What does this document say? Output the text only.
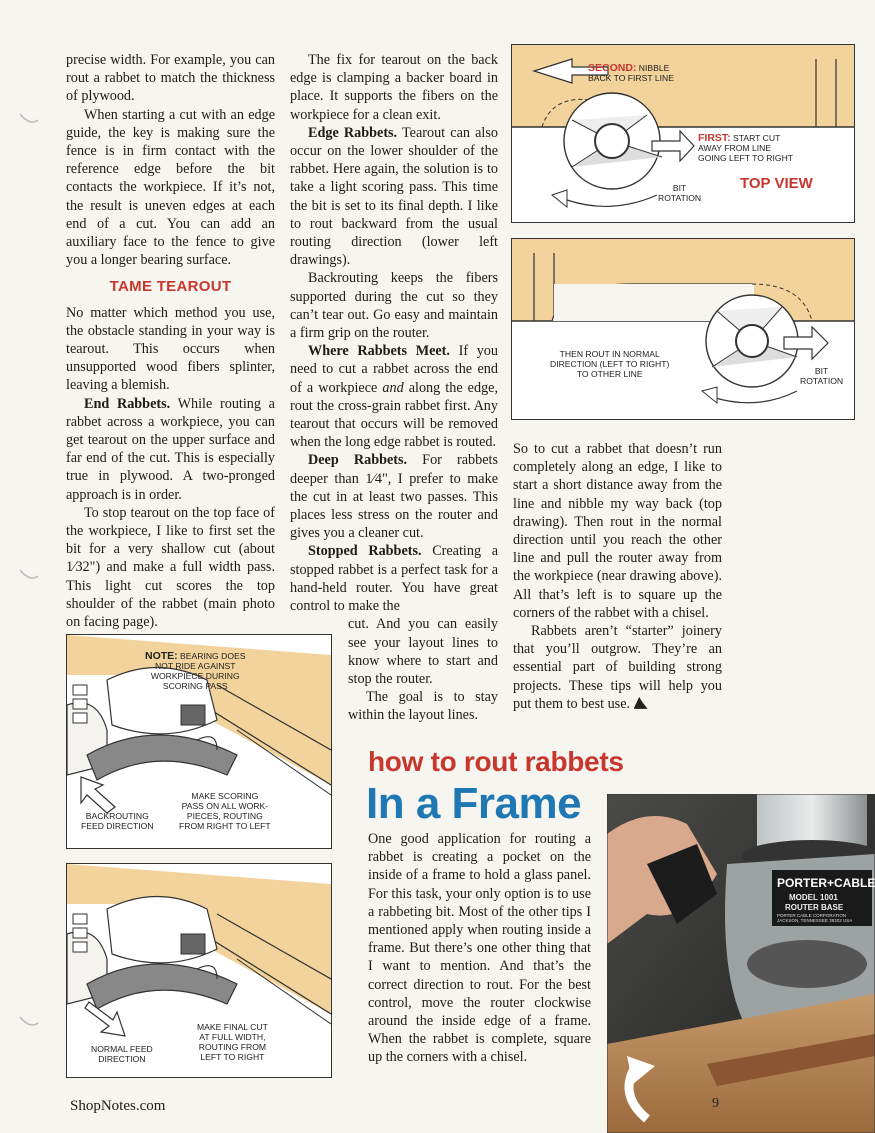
precise width. For example, you can rout a rabbet to match the thickness of plywood.

When starting a cut with an edge guide, the key is making sure the fence is in firm contact with the reference edge before the bit contacts the workpiece. If it’s not, the result is uneven edges at each end of a cut. You can add an auxiliary face to the fence to give you a longer bearing surface.

TAME TEAROUT

No matter which method you use, the obstacle standing in your way is tearout. This occurs when unsupported wood fibers splinter, leaving a blemish.

End Rabbets. While routing a rabbet across a workpiece, you can get tearout on the upper surface and far end of the cut. This is especially true in plywood. A two-pronged approach is in order.

To stop tearout on the top face of the workpiece, I like to first set the bit for a very shallow cut (about 1⁄32") and make a full width pass. This light cut scores the top shoulder of the rabbet (main photo on facing page).

The fix for tearout on the back edge is clamping a backer board in place. It supports the fibers on the workpiece for a clean exit.

Edge Rabbets. Tearout can also occur on the lower shoulder of the rabbet. Here again, the solution is to take a light scoring pass. This time the bit is set to its final depth. I like to rout backward from the usual routing direction (lower left drawings).

Backrouting keeps the fibers supported during the cut so they can’t tear out. Go easy and maintain a firm grip on the router.

Where Rabbets Meet. If you need to cut a rabbet across the end of a workpiece and along the edge, rout the cross-grain rabbet first. Any tearout that occurs will be removed when the long edge rabbet is routed.

Deep Rabbets. For rabbets deeper than 1⁄4", I prefer to make the cut in at least two passes. This places less stress on the router and gives you a cleaner cut.

Stopped Rabbets. Creating a stopped rabbet is a perfect task for a hand-held router. You have great control to make the

cut. And you can easily see your layout lines to know where to start and stop the router.

The goal is to stay within the layout lines.

So to cut a rabbet that doesn’t run completely along an edge, I like to start a short distance away from the line and nibble my way back (top drawing). Then rout in the normal direction until you reach the other line and pull the router away from the workpiece (near drawing above). All that’s left is to square up the corners of the rabbet with a chisel.

Rabbets aren’t “starter” joinery that you’ll outgrow. They’re an essential part of building strong projects. These tips will help you put them to best use.

SECOND: NIBBLE
BACK TO FIRST LINE
FIRST: START CUT
AWAY FROM LINE
GOING LEFT TO RIGHT
BIT
ROTATION
TOP VIEW
THEN ROUT IN NORMAL
DIRECTION (LEFT TO RIGHT)
TO OTHER LINE	BIT
ROTATION
NOTE: BEARING DOES
NOT RIDE AGAINST
WORKPIECE DURING
SCORING PASS
MAKE SCORING
PASS ON ALL WORK-
PIECES, ROUTING
FROM RIGHT TO LEFT
BACKROUTING
FEED DIRECTION
MAKE FINAL CUT
AT FULL WIDTH,
ROUTING FROM
LEFT TO RIGHT
NORMAL FEED
DIRECTION
how to rout rabbets
In a Frame

One good application for routing a rabbet is creating a pocket on the inside of a frame to hold a glass panel. For this task, your only option is to use a rabbeting bit. Most of the other tips I mentioned apply when routing inside a frame. But there’s one other thing that I want to mention. And that’s the correct direction to rout. For the best control, move the router clockwise around the inside edge of a frame. When the rabbet is complete, square up the corners with a chisel.

PORTER+CABLE
MODEL 1001
ROUTER BASE
PORTER CABLE CORPORATION
JACKSON, TENNESSEE 38302 USA
ShopNotes.com	9
